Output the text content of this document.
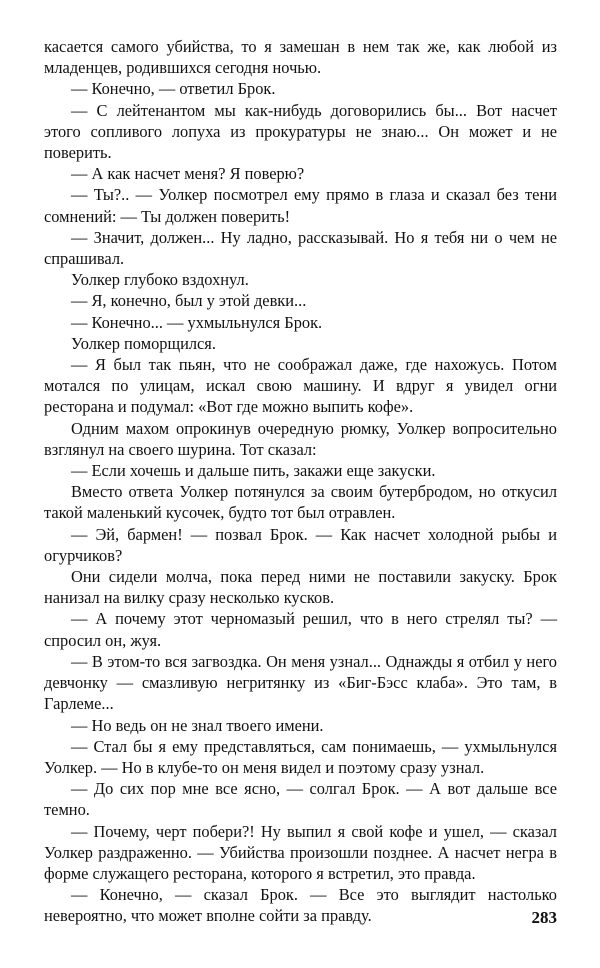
касается самого убийства, то я замешан в нем так же, как любой из младенцев, родившихся сегодня ночью.

— Конечно, — ответил Брок.

— С лейтенантом мы как-нибудь договорились бы... Вот насчет этого сопливого лопуха из прокуратуры не знаю... Он может и не поверить.

— А как насчет меня? Я поверю?

— Ты?.. — Уолкер посмотрел ему прямо в глаза и сказал без тени сомнений: — Ты должен поверить!

— Значит, должен... Ну ладно, рассказывай. Но я тебя ни о чем не спрашивал.

Уолкер глубоко вздохнул.

— Я, конечно, был у этой девки...

— Конечно... — ухмыльнулся Брок.

Уолкер поморщился.

— Я был так пьян, что не соображал даже, где нахожусь. Потом мотался по улицам, искал свою машину. И вдруг я увидел огни ресторана и подумал: «Вот где можно выпить кофе».

Одним махом опрокинув очередную рюмку, Уолкер вопросительно взглянул на своего шурина. Тот сказал:

— Если хочешь и дальше пить, закажи еще закуски.

Вместо ответа Уолкер потянулся за своим бутербродом, но откусил такой маленький кусочек, будто тот был отравлен.

— Эй, бармен! — позвал Брок. — Как насчет холодной рыбы и огурчиков?

Они сидели молча, пока перед ними не поставили закуску. Брок нанизал на вилку сразу несколько кусков.

— А почему этот черномазый решил, что в него стрелял ты? — спросил он, жуя.

— В этом-то вся загвоздка. Он меня узнал... Однажды я отбил у него девчонку — смазливую негритянку из «Биг-Бэсс клаба». Это там, в Гарлеме...

— Но ведь он не знал твоего имени.

— Стал бы я ему представляться, сам понимаешь, — ухмыльнулся Уолкер. — Но в клубе-то он меня видел и поэтому сразу узнал.

— До сих пор мне все ясно, — солгал Брок. — А вот дальше все темно.

— Почему, черт побери?! Ну выпил я свой кофе и ушел, — сказал Уолкер раздраженно. — Убийства произошли позднее. А насчет негра в форме служащего ресторана, которого я встретил, это правда.

— Конечно, — сказал Брок. — Все это выглядит настолько невероятно, что может вполне сойти за правду.	283
